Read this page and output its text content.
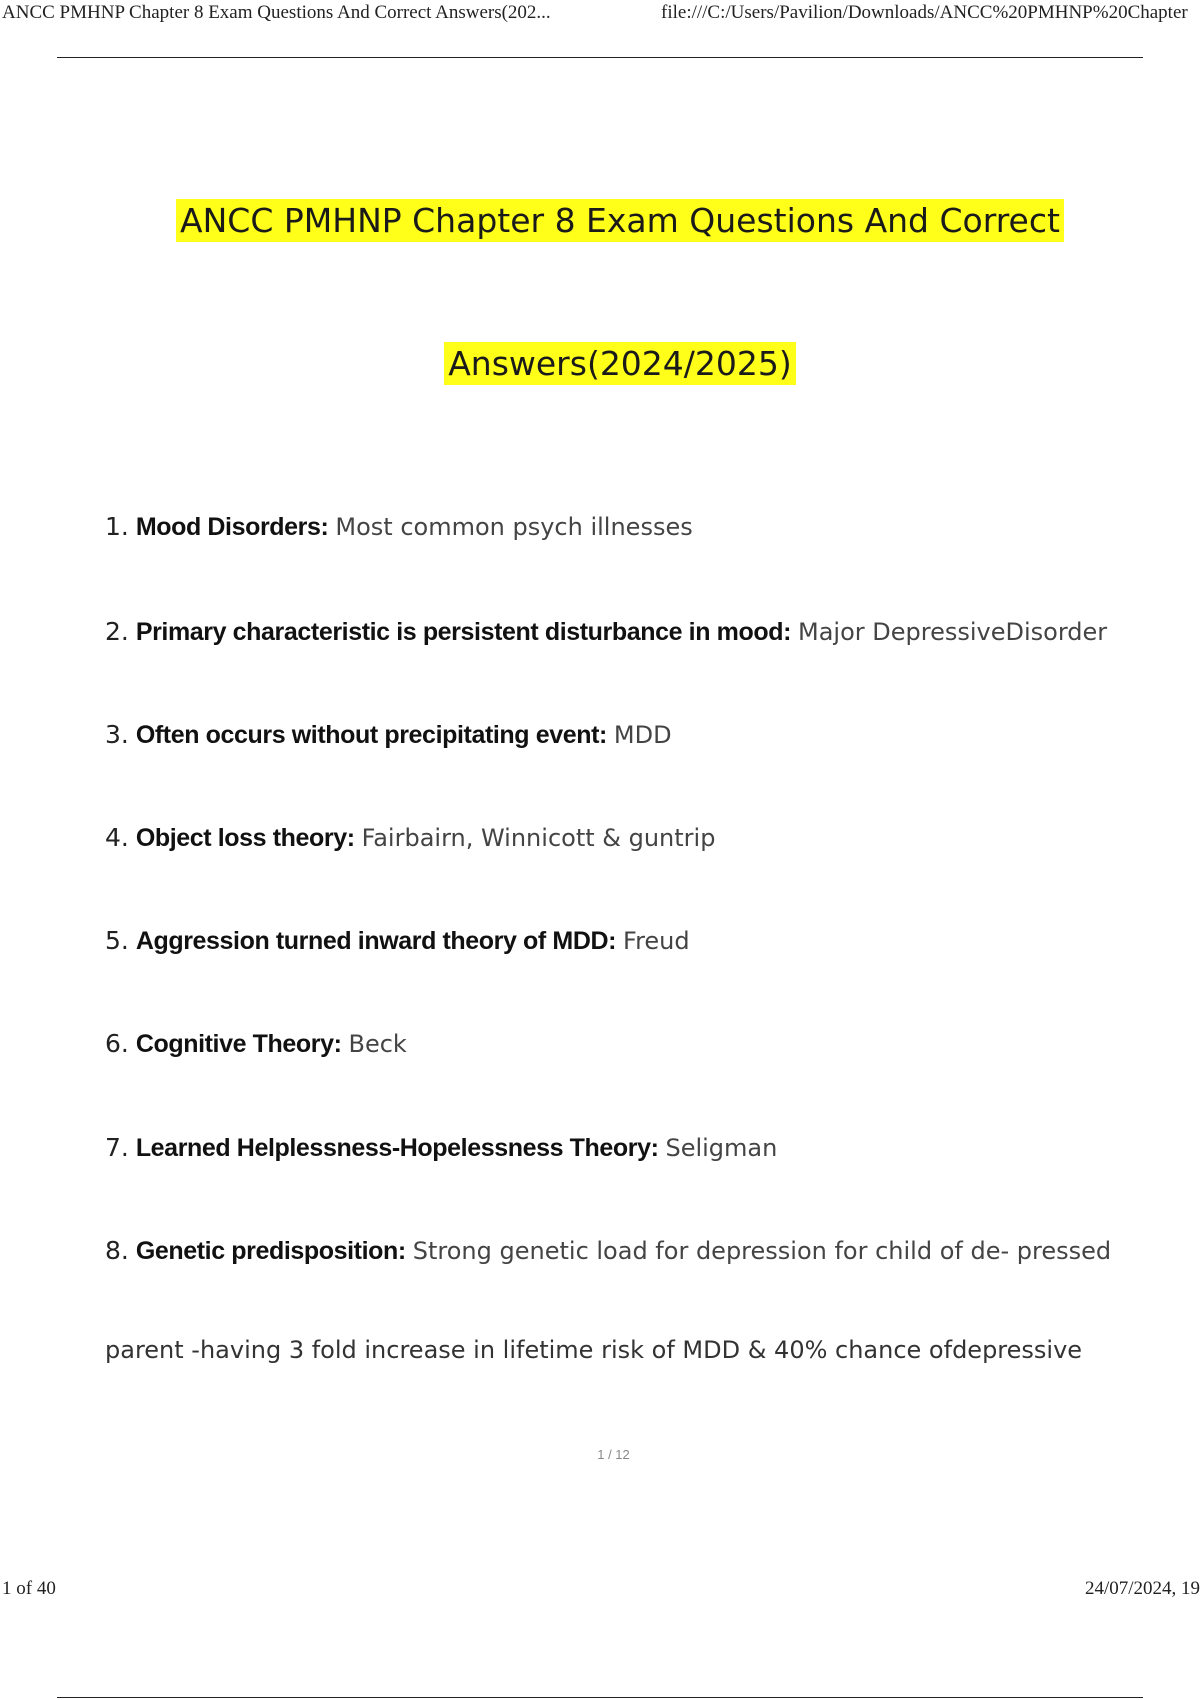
ANCC PMHNP Chapter 8 Exam Questions And Correct Answers(202...	file:///C:/Users/Pavilion/Downloads/ANCC%20PMHNP%20Chapter
ANCC PMHNP Chapter 8 Exam Questions And Correct
Answers(2024/2025)
1. Mood Disorders: Most common psych illnesses
2. Primary characteristic is persistent disturbance in mood: Major DepressiveDisorder
3. Often occurs without precipitating event: MDD
4. Object loss theory: Fairbairn, Winnicott & guntrip
5. Aggression turned inward theory of MDD: Freud
6. Cognitive Theory: Beck
7. Learned Helplessness-Hopelessness Theory: Seligman
8. Genetic predisposition: Strong genetic load for depression for child of de- pressed
parent -having 3 fold increase in lifetime risk of MDD & 40% chance ofdepressive
1 / 12
1 of 40	24/07/2024, 19
